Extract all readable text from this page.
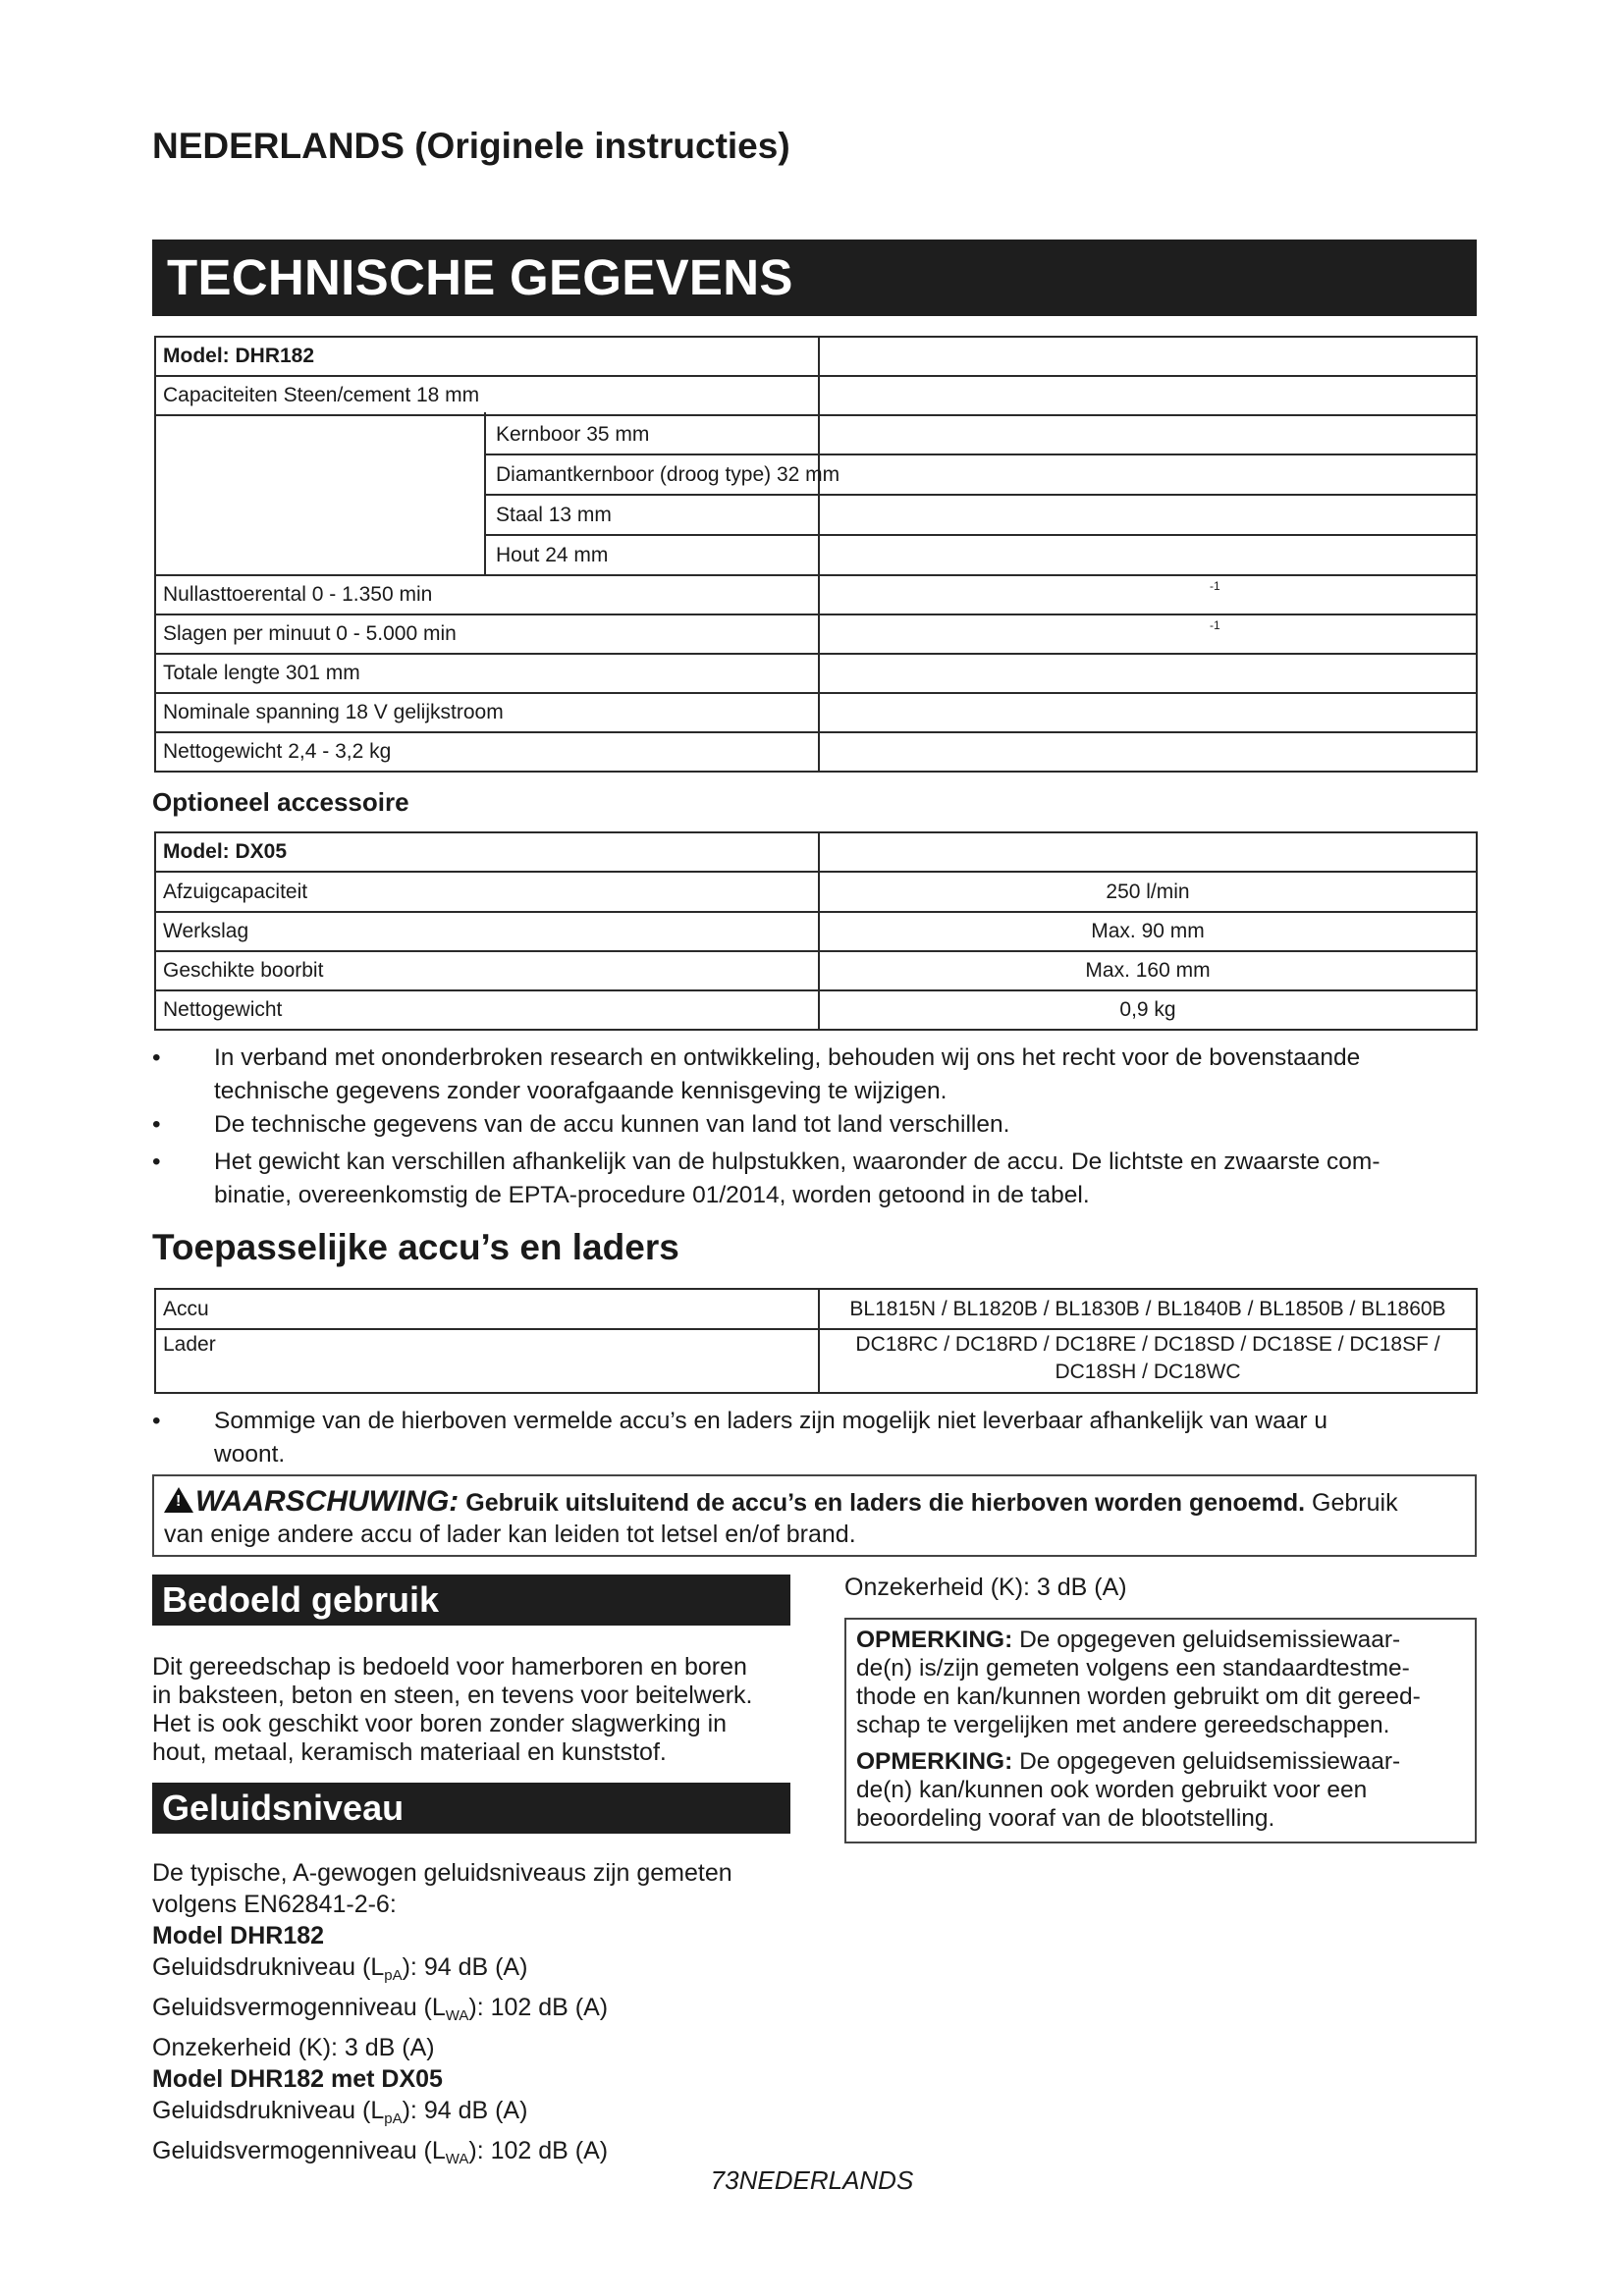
NEDERLANDS (Originele instructies)
TECHNISCHE GEGEVENS
Model: DHR182
Capaciteiten Steen/cement 18 mm
Kernboor 35 mm
Diamantkernboor (droog type) 32 mm
Staal 13 mm
Hout 24 mm
Nullasttoerental 0 - 1.350 min	-1
Slagen per minuut 0 - 5.000 min	-1
Totale lengte 301 mm
Nominale spanning 18 V gelijkstroom
Nettogewicht 2,4 - 3,2 kg
Optioneel accessoire
Model: DX05
Afzuigcapaciteit	250 l/min
Werkslag	Max. 90 mm
Geschikte boorbit	Max. 160 mm
Nettogewicht	0,9 kg
•	In verband met ononderbroken research en ontwikkeling, behouden wij ons het recht voor de bovenstaande
technische gegevens zonder voorafgaande kennisgeving te wijzigen.
•	De technische gegevens van de accu kunnen van land tot land verschillen.
•	Het gewicht kan verschillen afhankelijk van de hulpstukken, waaronder de accu. De lichtste en zwaarste com-
binatie, overeenkomstig de EPTA-procedure 01/2014, worden getoond in de tabel.
Toepasselijke accu’s en laders
Accu	BL1815N / BL1820B / BL1830B / BL1840B / BL1850B / BL1860B
Lader	DC18RC / DC18RD / DC18RE / DC18SD / DC18SE / DC18SF /
DC18SH / DC18WC
•	Sommige van de hierboven vermelde accu’s en laders zijn mogelijk niet leverbaar afhankelijk van waar u
woont.
! WAARSCHUWING: Gebruik uitsluitend de accu’s en laders die hierboven worden genoemd. Gebruik
van enige andere accu of lader kan leiden tot letsel en/of brand.
Bedoeld gebruik
Dit gereedschap is bedoeld voor hamerboren en boren
in baksteen, beton en steen, en tevens voor beitelwerk.
Het is ook geschikt voor boren zonder slagwerking in
hout, metaal, keramisch materiaal en kunststof.
Geluidsniveau
De typische, A-gewogen geluidsniveaus zijn gemeten
volgens EN62841-2-6:
Model DHR182
Geluidsdrukniveau $(L_{pA})$: 94 dB (A)
Geluidsvermogenniveau $(L_{WA})$: 102 dB (A)
Onzekerheid (K): 3 dB (A)
Model DHR182 met DX05
Geluidsdrukniveau $(L_{pA})$: 94 dB (A)
Geluidsvermogenniveau $(L_{WA})$: 102 dB (A)
Onzekerheid (K): 3 dB (A)

OPMERKING: De opgegeven geluidsemissiewaar-
de(n) is/zijn gemeten volgens een standaardtestme-
thode en kan/kunnen worden gebruikt om dit gereed-
schap te vergelijken met andere gereedschappen.

OPMERKING: De opgegeven geluidsemissiewaar-
de(n) kan/kunnen ook worden gebruikt voor een
beoordeling vooraf van de blootstelling.

73NEDERLANDS
